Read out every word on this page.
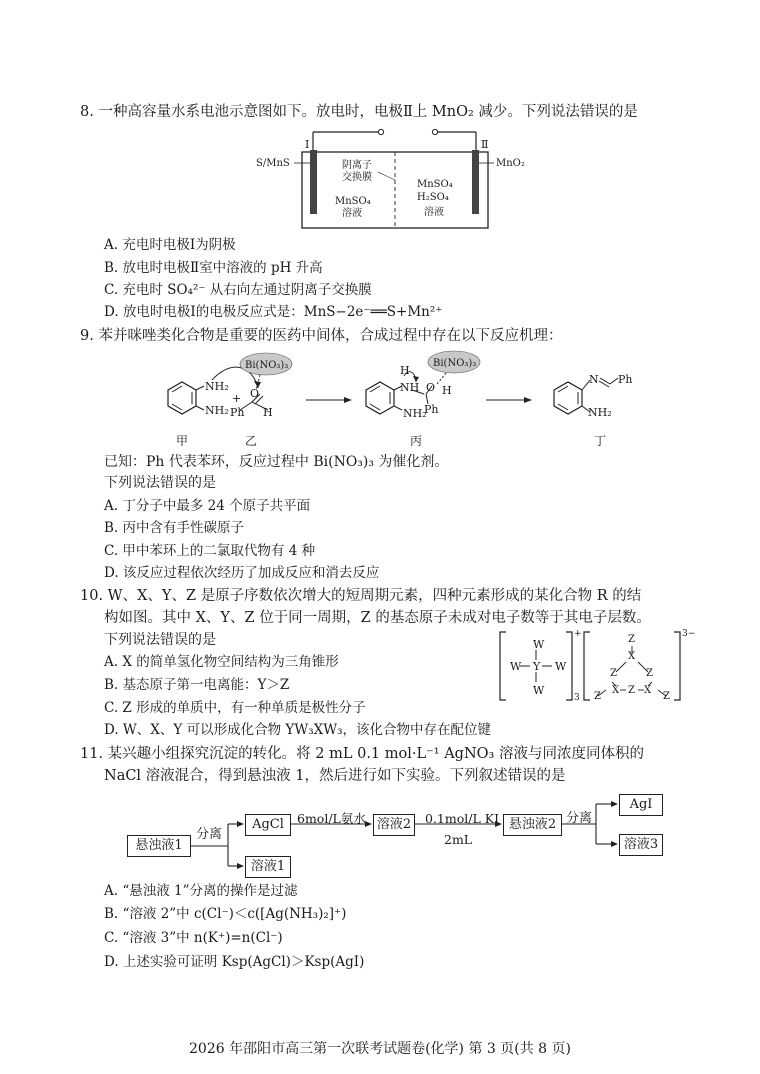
8. 一种高容量水系电池示意图如下。放电时，电极Ⅱ上 MnO₂ 减少。下列说法错误的是
S/MnS	MnO₂
Ⅰ	Ⅱ
阴离子
交换膜
MnSO₄
溶液
MnSO₄
H₂SO₄
溶液
A. 充电时电极Ⅰ为阴极
B. 放电时电极Ⅱ室中溶液的 pH 升高
C. 充电时 SO₄²⁻ 从右向左通过阴离子交换膜
D. 放电时电极Ⅰ的电极反应式是：MnS−2e⁻══S+Mn²⁺
9. 苯并咪唑类化合物是重要的医药中间体，合成过程中存在以下反应机理：
Bi(NO₃)₃	Bi(NO₃)₃
NH₂
NH₂
+ O
Ph H
H
NH
NH₂
O H
Ph
N Ph
NH₂
甲	乙	丙	丁
已知：Ph 代表苯环，反应过程中 Bi(NO₃)₃ 为催化剂。
下列说法错误的是
A. 丁分子中最多 24 个原子共平面
B. 丙中含有手性碳原子
C. 甲中苯环上的二氯取代物有 4 种
D. 该反应过程依次经历了加成反应和消去反应
10. W、X、Y、Z 是原子序数依次增大的短周期元素，四种元素形成的某化合物 R 的结
构如图。其中 X、Y、Z 位于同一周期，Z 的基态原子未成对电子数等于其电子层数。
下列说法错误的是	W
W Y W
W
+
3
Z
X
Z	Z
X Z X
Z	Z
3−
A. X 的简单氢化物空间结构为三角锥形
B. 基态原子第一电离能：Y＞Z
C. Z 形成的单质中，有一种单质是极性分子
D. W、X、Y 可以形成化合物 YW₃XW₃，该化合物中存在配位键
11. 某兴趣小组探究沉淀的转化。将 2 mL 0.1 mol·L⁻¹ AgNO₃ 溶液与同浓度同体积的
NaCl 溶液混合，得到悬浊液 1，然后进行如下实验。下列叙述错误的是
悬浊液1
分离
AgCl
溶液1
6mol/L氨水 溶液2	0.1mol/L KI
2mL
悬浊液2 分离
AgI
溶液3
A. “悬浊液 1”分离的操作是过滤
B. “溶液 2”中 c(Cl⁻)＜c([Ag(NH₃)₂]⁺)
C. “溶液 3”中 n(K⁺)=n(Cl⁻)
D. 上述实验可证明 Ksp(AgCl)＞Ksp(AgI)
2026 年邵阳市高三第一次联考试题卷(化学) 第 3 页(共 8 页)
